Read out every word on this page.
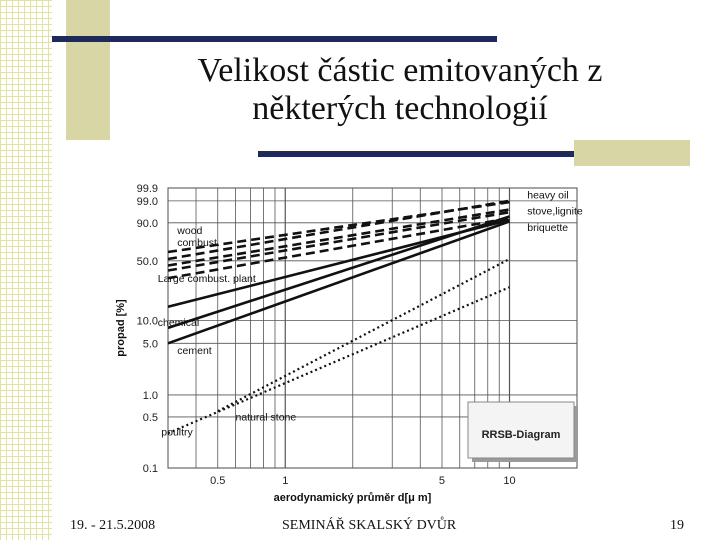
Velikost částic emitovaných z
některých technologií
0.1
0.5
1.0
5.0
10.0
50.0
90.0
99.0
99.9
0.5	1	5	10
aerodynamický průměr d[μ m]
propad [%]
heavy oil
stove,lignite
briquette
wood
combust.
Large combust. plant
chemical
cement
natural stone
poultry	RRSB-Diagram
19. - 21.5.2008	SEMINÁŘ SKALSKÝ DVŮR	19
